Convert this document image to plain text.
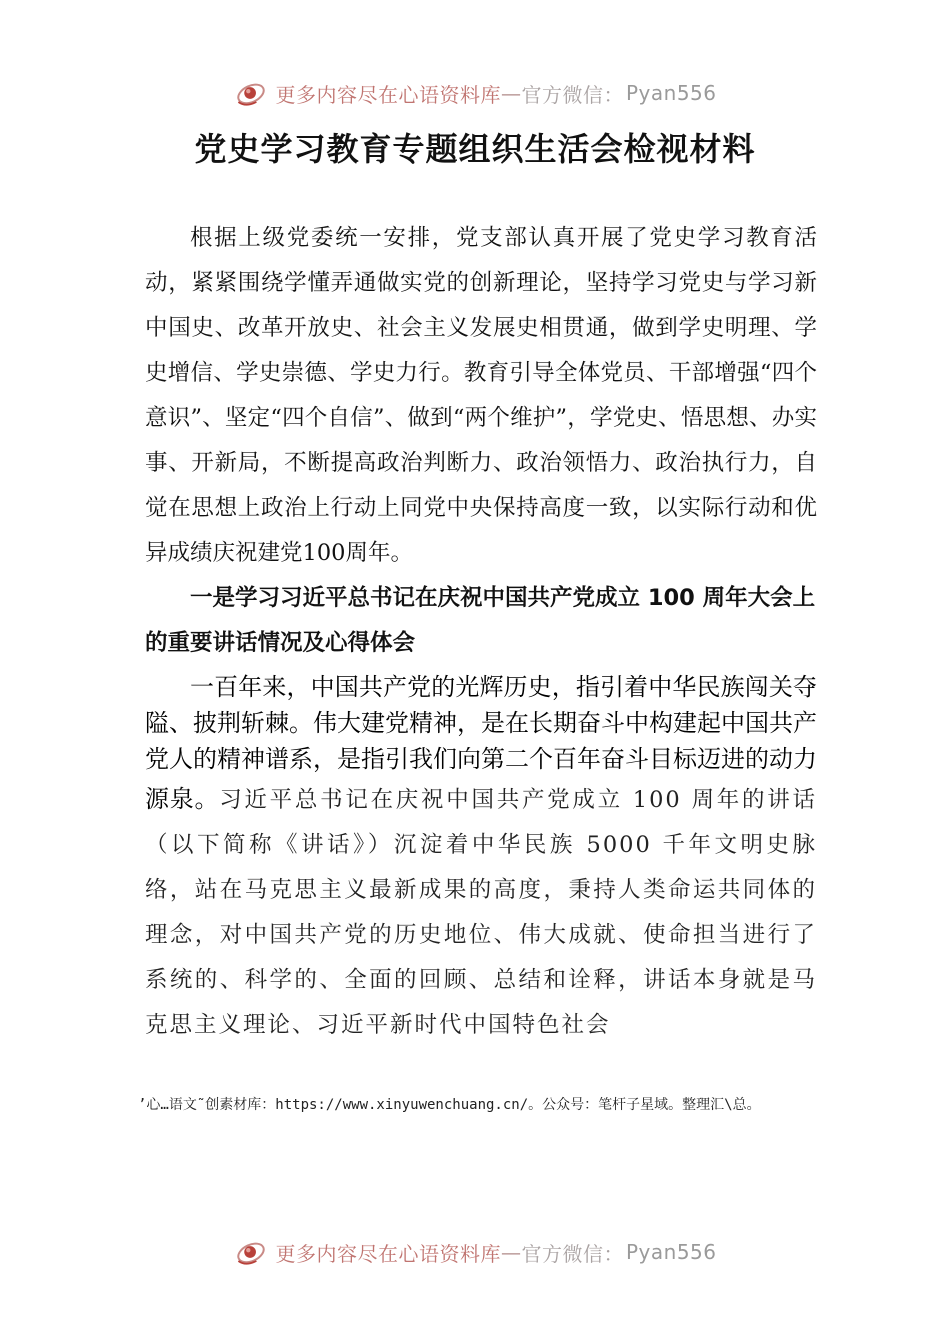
更多内容尽在心语资料库 — 官方微信： Pyan556
党史学习教育专题组织生活会检视材料

根据上级党委统一安排，党支部认真开展了党史学习教育活动，紧紧围绕学懂弄通做实党的创新理论，坚持学习党史与学习新中国史、改革开放史、社会主义发展史相贯通，做到学史明理、学史增信、学史崇德、学史力行。教育引导全体党员、干部增强“四个意识”、坚定“四个自信”、做到“两个维护”，学党史、悟思想、办实事、开新局，不断提高政治判断力、政治领悟力、政治执行力，自觉在思想上政治上行动上同党中央保持高度一致，以实际行动和优异成绩庆祝建党100周年。

一是学习习近平总书记在庆祝中国共产党成立 100 周年大会上的重要讲话情况及心得体会

一百年来，中国共产党的光辉历史，指引着中华民族闯关夺隘、披荆斩棘。伟大建党精神，是在长期奋斗中构建起中国共产党人的精神谱系，是指引我们向第二个百年奋斗目标迈进的动力源泉。习近平总书记在庆祝中国共产党成立 100 周年的讲话（以下简称《讲话》）沉淀着中华民族 5000 千年文明史脉络，站在马克思主义最新成果的高度，秉持人类命运共同体的理念，对中国共产党的历史地位、伟大成就、使命担当进行了系统的、科学的、全面的回顾、总结和诠释，讲话本身就是马克思主义理论、习近平新时代中国特色社会

’心…语文˜创素材库：https://www.xinyuwenchuang.cn/。公众号：笔杆子星域。整理汇\总。
更多内容尽在心语资料库 — 官方微信： Pyan556
